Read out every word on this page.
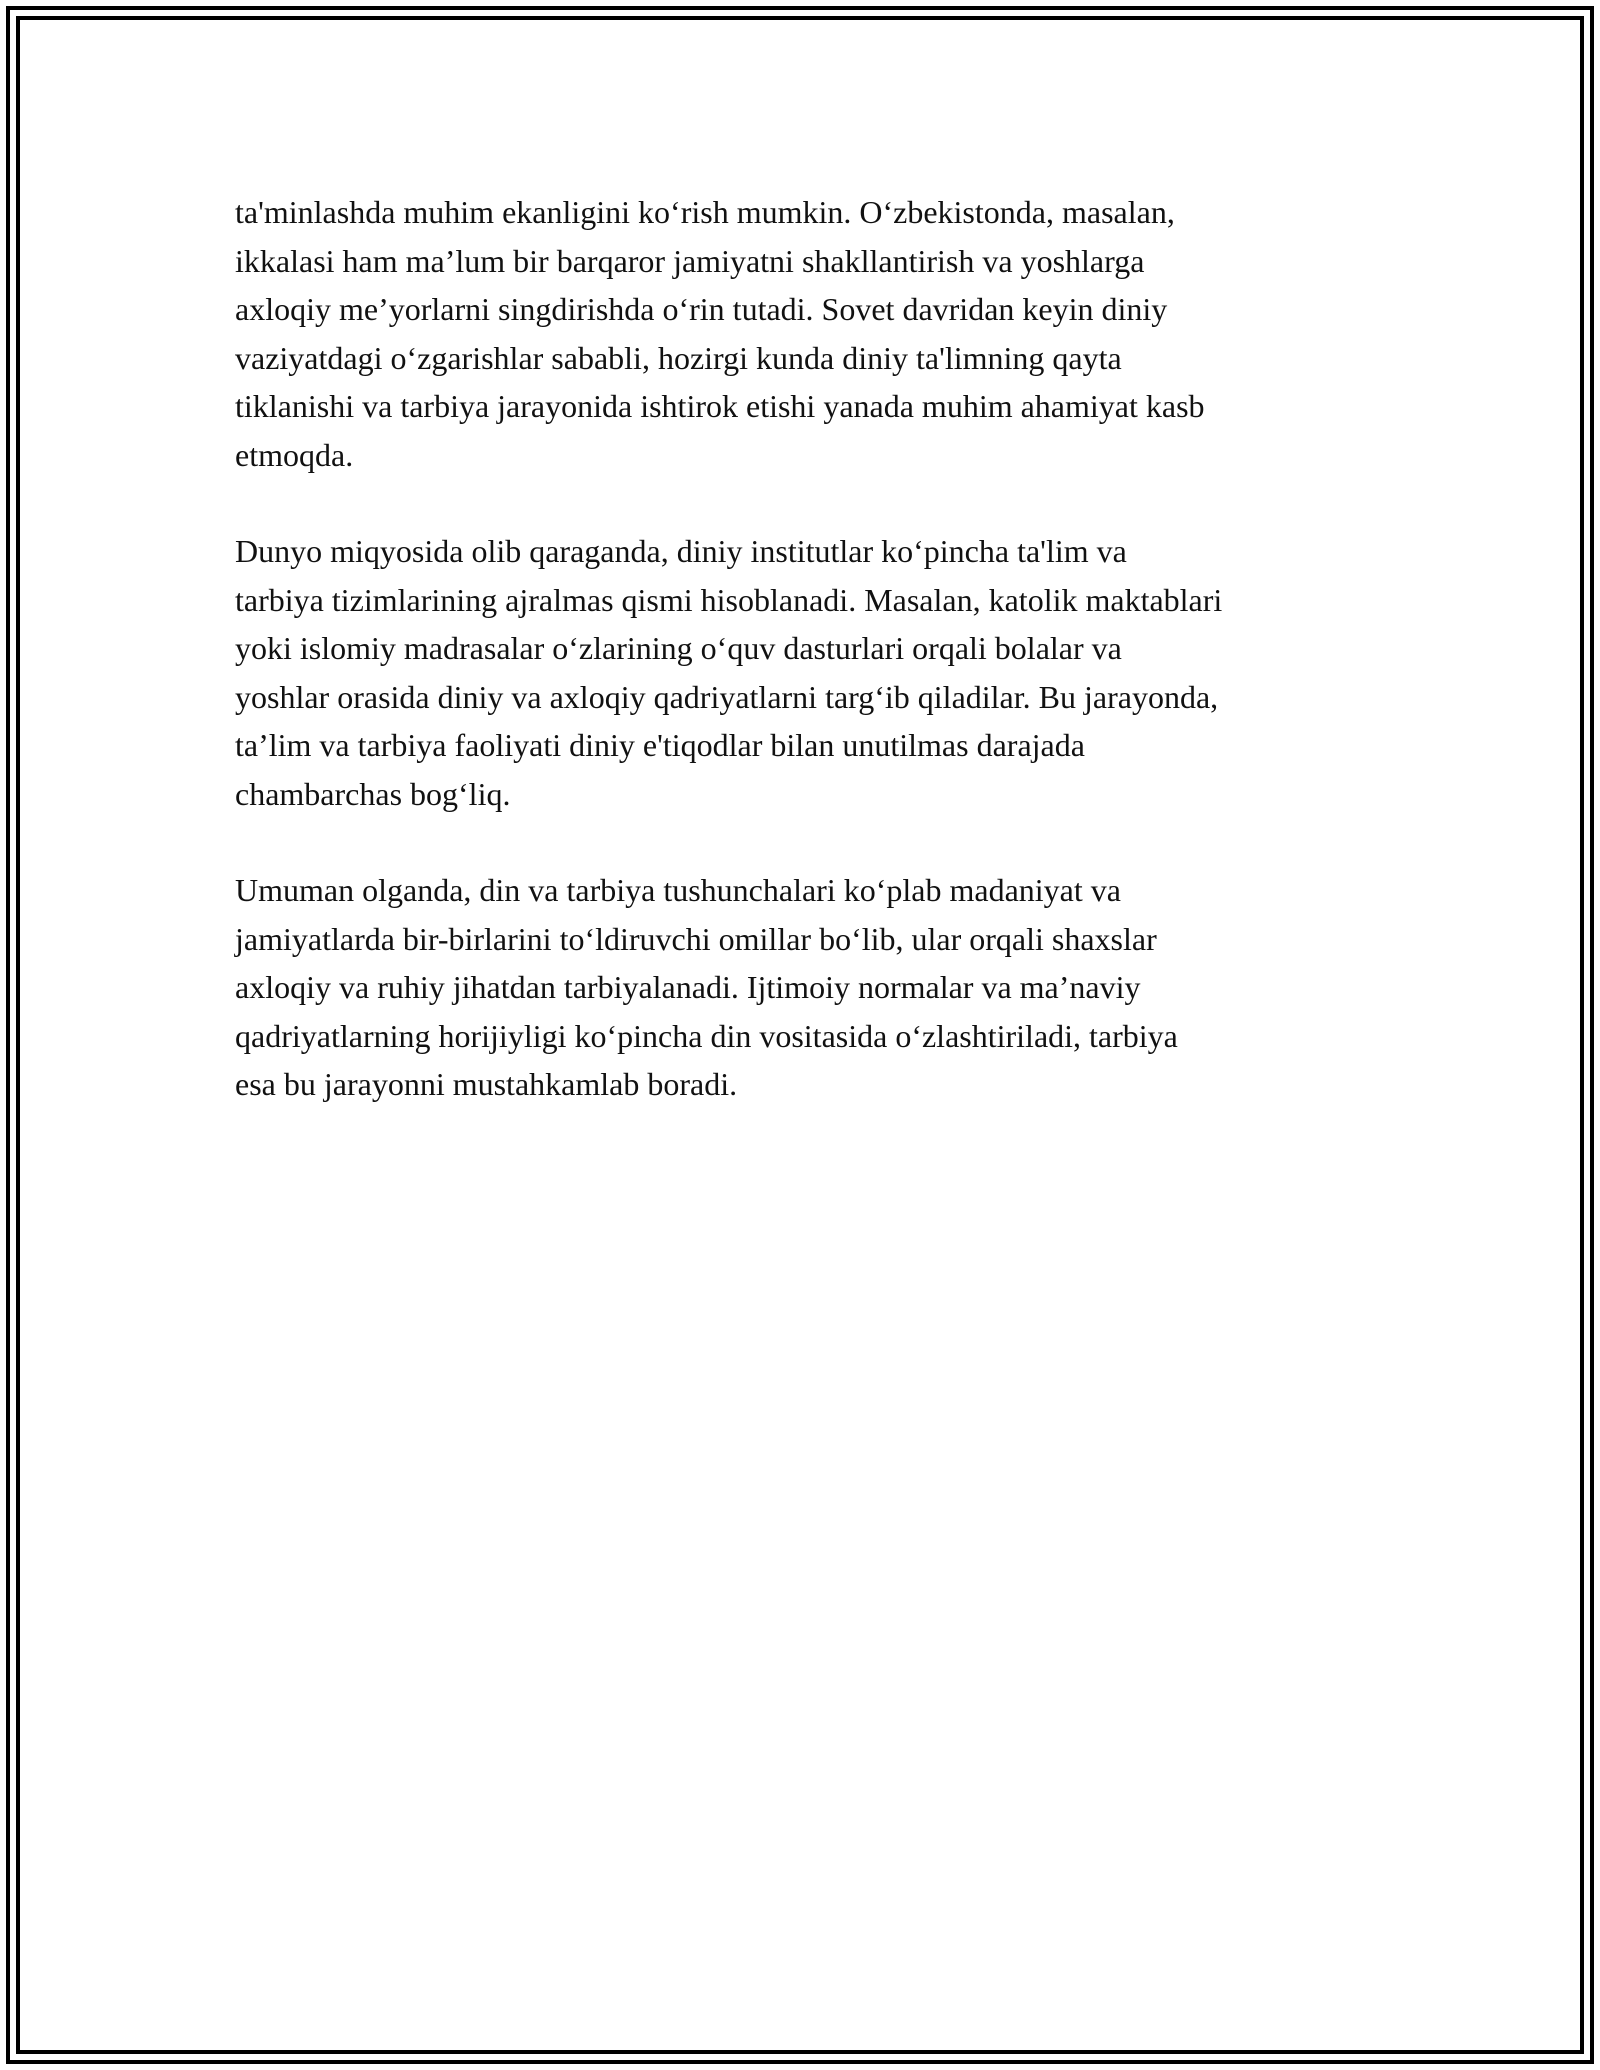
ta'minlashda muhim ekanligini ko‘rish mumkin. O‘zbekistonda, masalan,
ikkalasi ham ma’lum bir barqaror jamiyatni shakllantirish va yoshlarga
axloqiy me’yorlarni singdirishda o‘rin tutadi. Sovet davridan keyin diniy
vaziyatdagi o‘zgarishlar sababli, hozirgi kunda diniy ta'limning qayta
tiklanishi va tarbiya jarayonida ishtirok etishi yanada muhim ahamiyat kasb
etmoqda.

Dunyo miqyosida olib qaraganda, diniy institutlar ko‘pincha ta'lim va
tarbiya tizimlarining ajralmas qismi hisoblanadi. Masalan, katolik maktablari
yoki islomiy madrasalar o‘zlarining o‘quv dasturlari orqali bolalar va
yoshlar orasida diniy va axloqiy qadriyatlarni targ‘ib qiladilar. Bu jarayonda,
ta’lim va tarbiya faoliyati diniy e'tiqodlar bilan unutilmas darajada
chambarchas bog‘liq.

Umuman olganda, din va tarbiya tushunchalari ko‘plab madaniyat va
jamiyatlarda bir-birlarini to‘ldiruvchi omillar bo‘lib, ular orqali shaxslar
axloqiy va ruhiy jihatdan tarbiyalanadi. Ijtimoiy normalar va ma’naviy
qadriyatlarning horijiyligi ko‘pincha din vositasida o‘zlashtiriladi, tarbiya
esa bu jarayonni mustahkamlab boradi.
